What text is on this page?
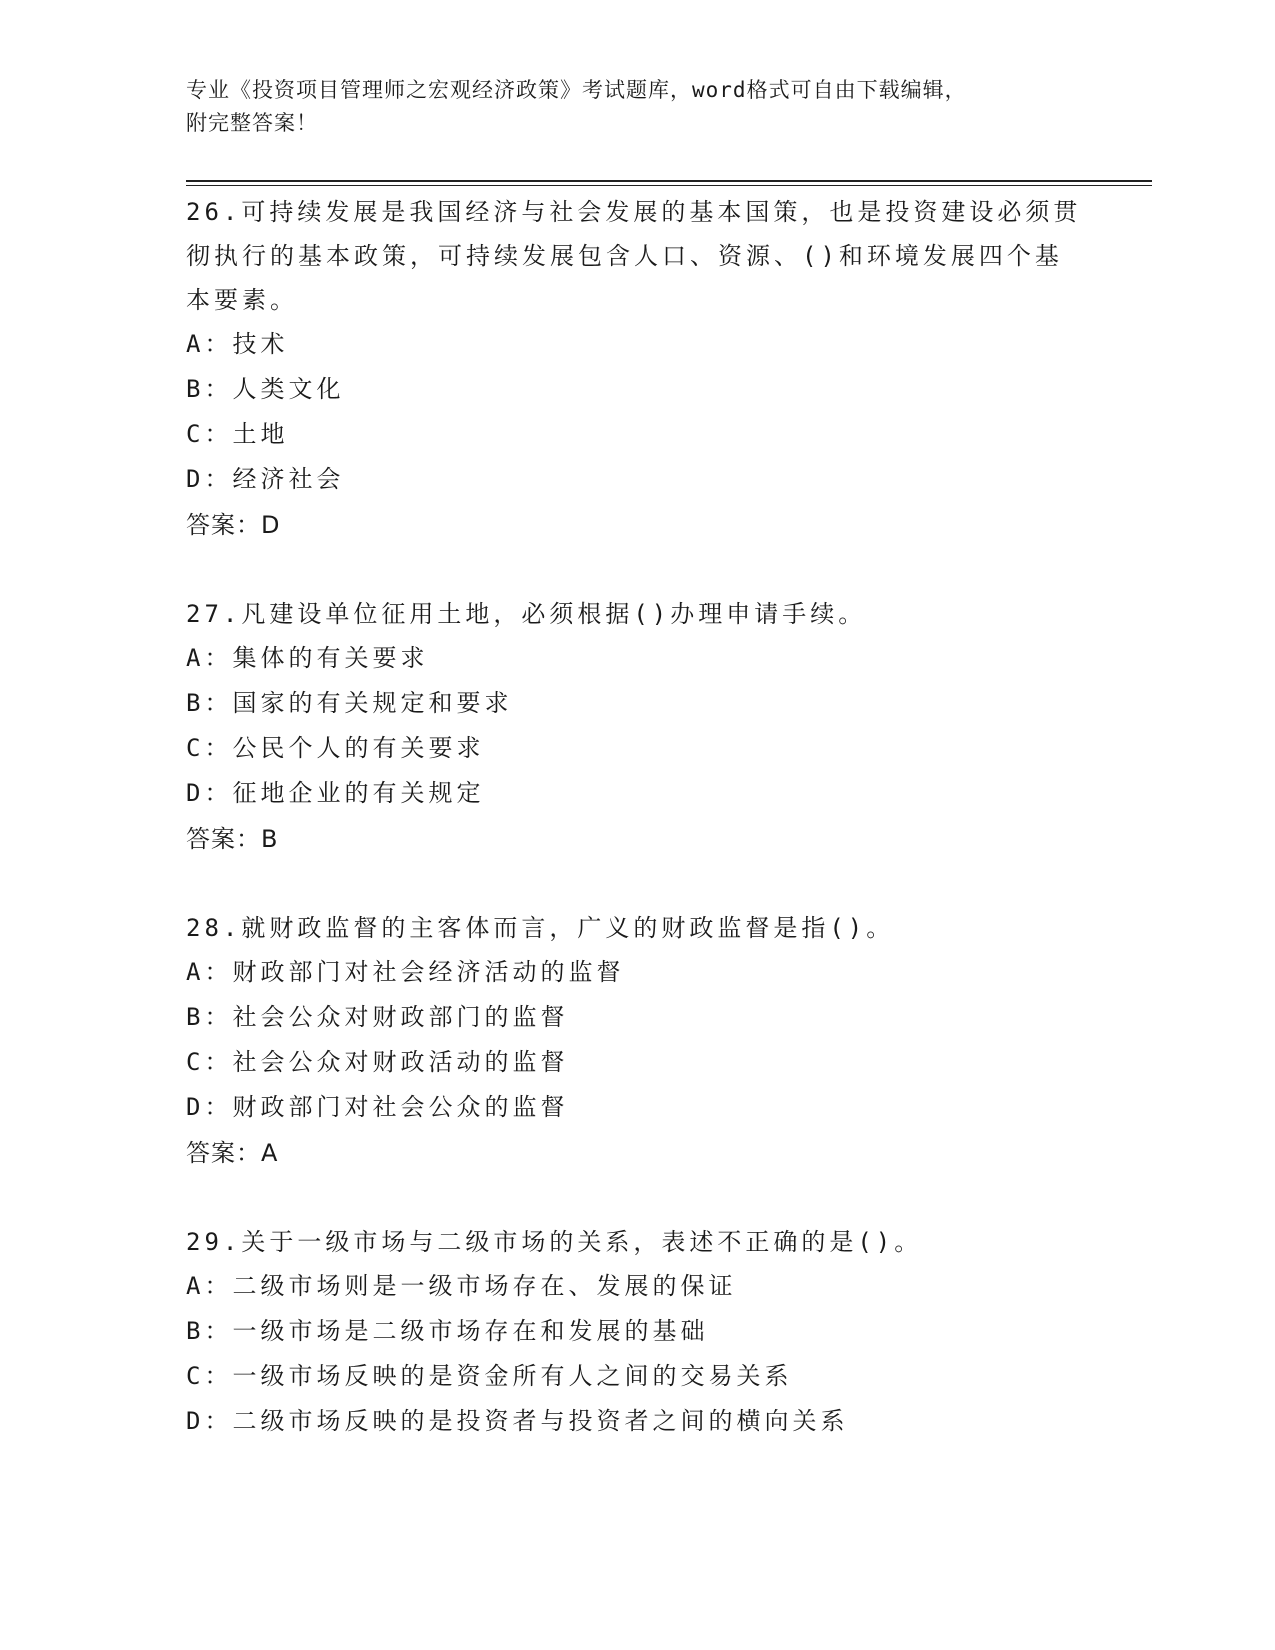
专业《投资项目管理师之宏观经济政策》考试题库，word格式可自由下载编辑，
附完整答案！
26.可持续发展是我国经济与社会发展的基本国策，也是投资建设必须贯彻执行的基本政策，可持续发展包含人口、资源、()和环境发展四个基本要素。
A：技术
B：人类文化
C：土地
D：经济社会
答案：D
27.凡建设单位征用土地，必须根据()办理申请手续。
A：集体的有关要求
B：国家的有关规定和要求
C：公民个人的有关要求
D：征地企业的有关规定
答案：B
28.就财政监督的主客体而言，广义的财政监督是指()。
A：财政部门对社会经济活动的监督
B：社会公众对财政部门的监督
C：社会公众对财政活动的监督
D：财政部门对社会公众的监督
答案：A
29.关于一级市场与二级市场的关系，表述不正确的是()。
A：二级市场则是一级市场存在、发展的保证
B：一级市场是二级市场存在和发展的基础
C：一级市场反映的是资金所有人之间的交易关系
D：二级市场反映的是投资者与投资者之间的横向关系
